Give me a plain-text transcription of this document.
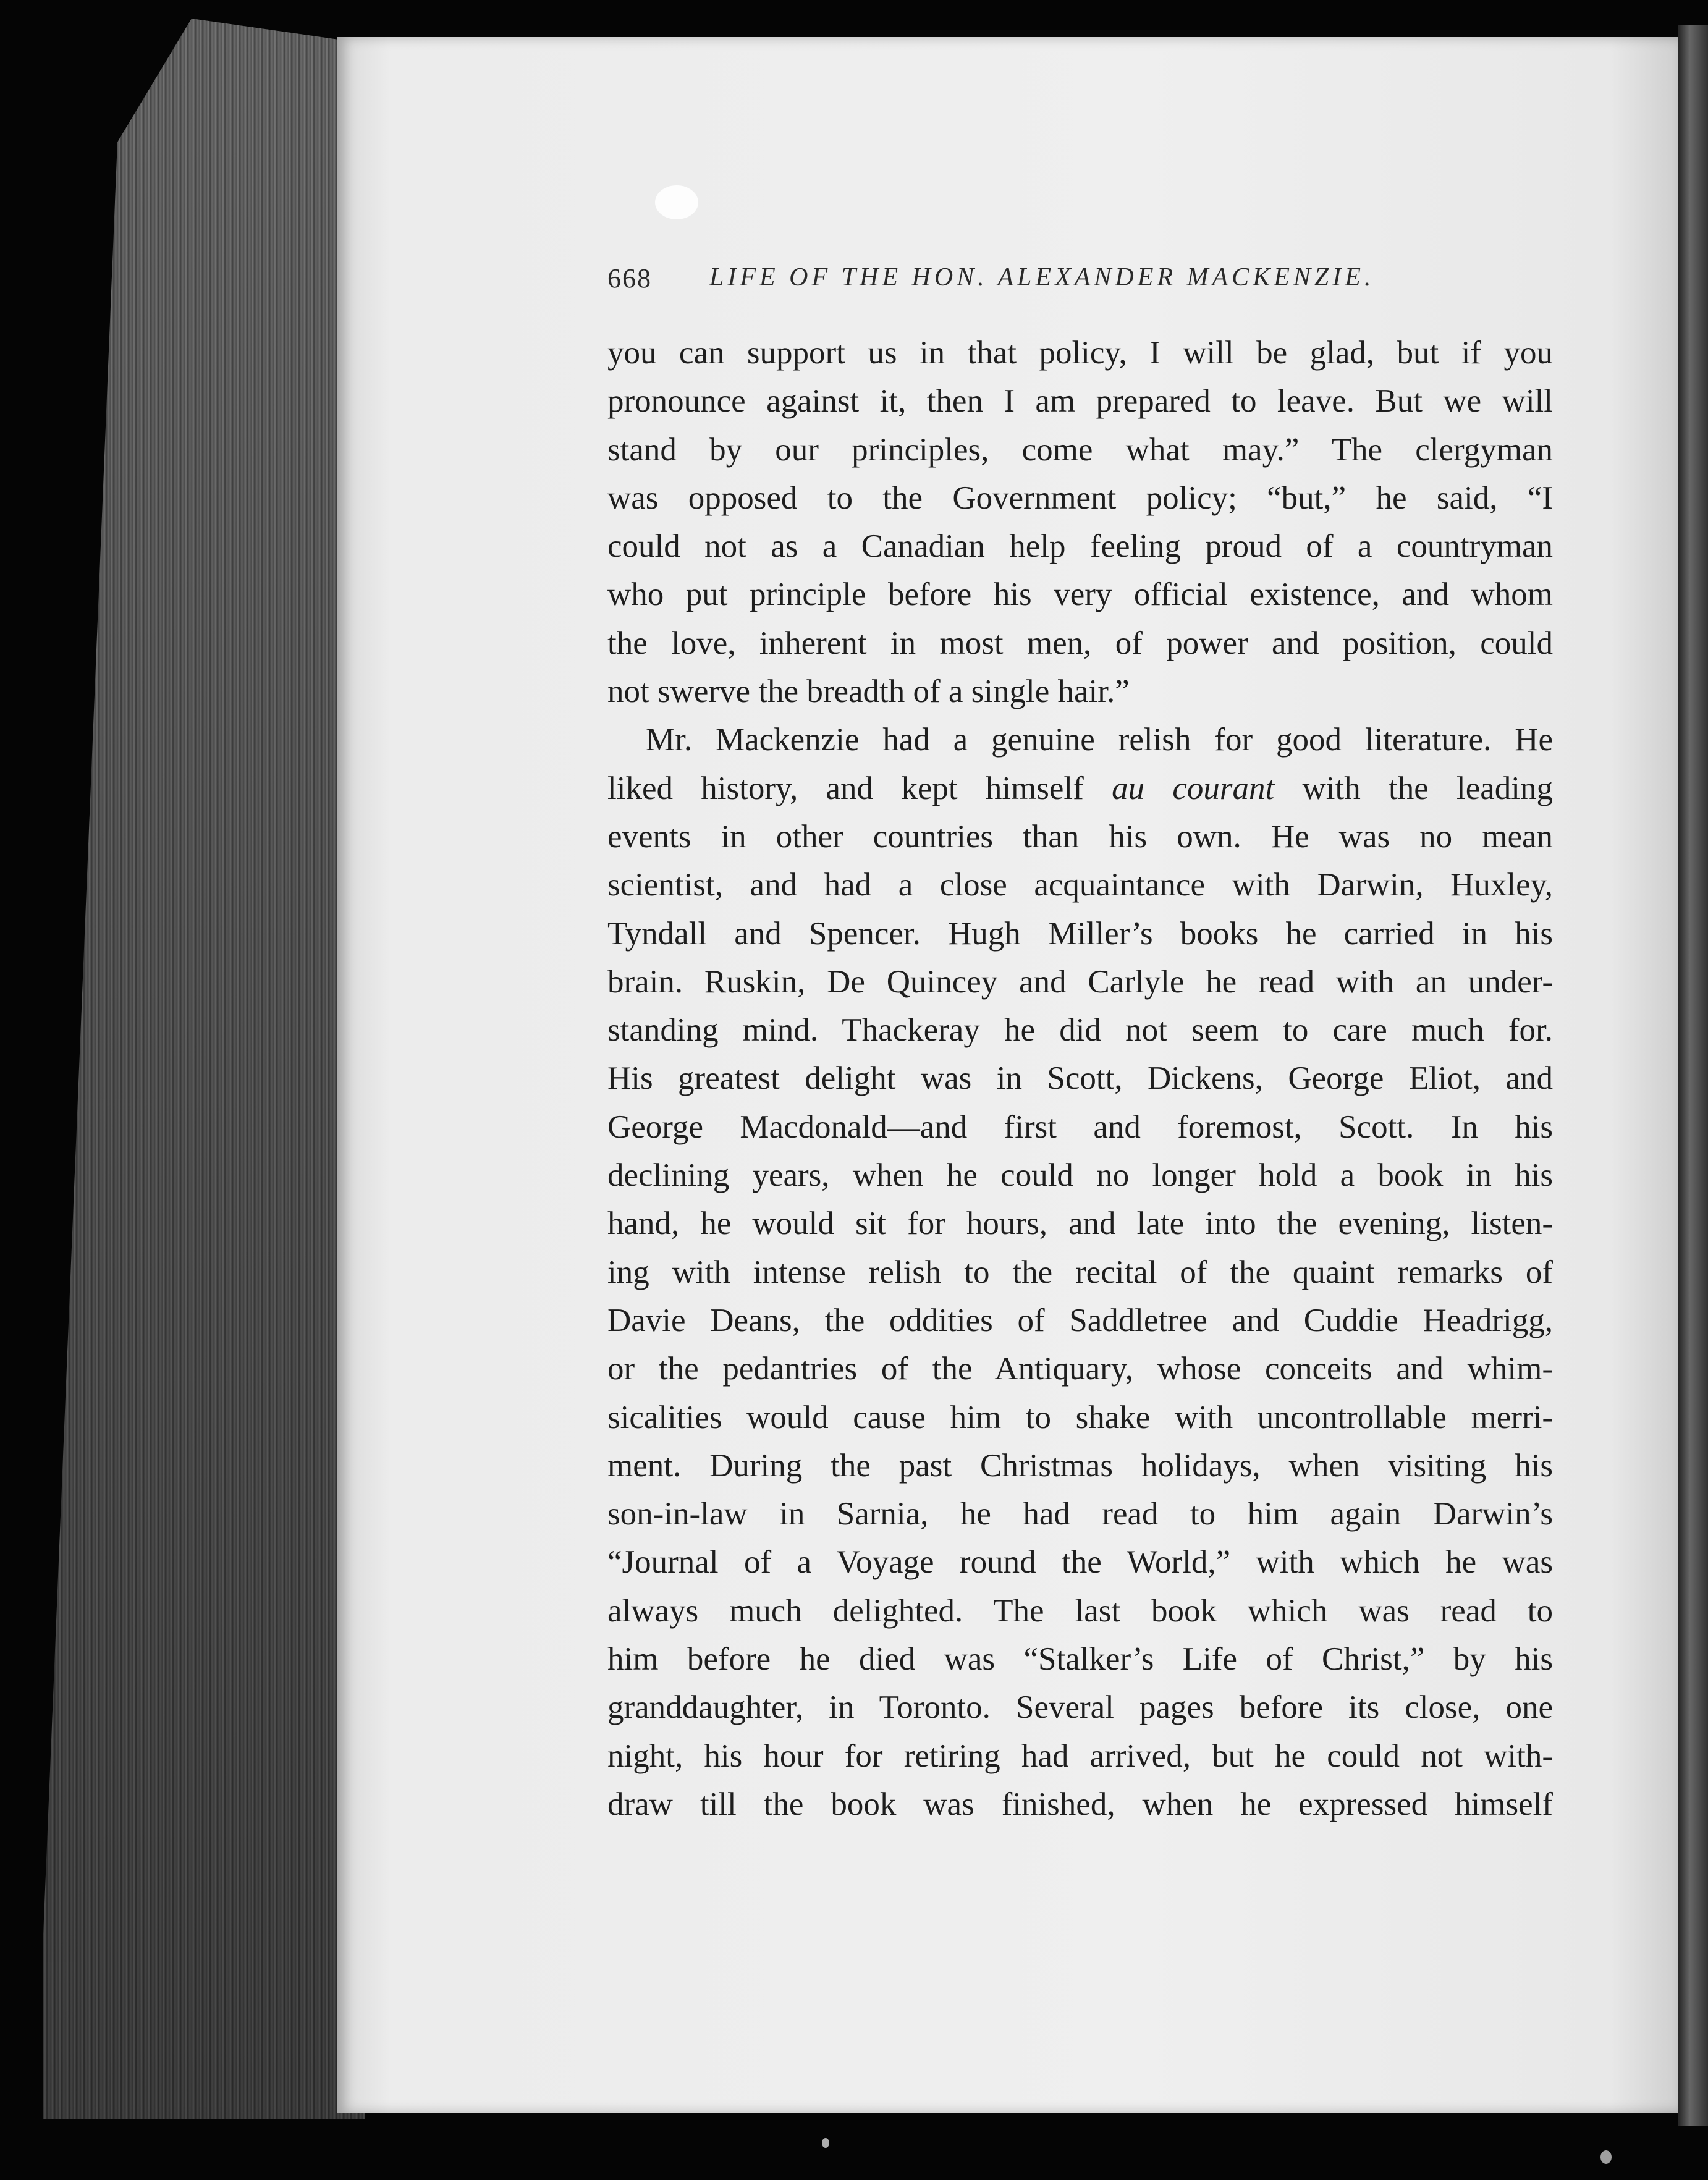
668 LIFE OF THE HON. ALEXANDER MACKENZIE.
you can support us in that policy, I will be glad, but if you
pronounce against it, then I am prepared to leave. But we will
stand by our principles, come what may.” The clergyman
was opposed to the Government policy; “but,” he said, “I
could not as a Canadian help feeling proud of a countryman
who put principle before his very official existence, and whom
the love, inherent in most men, of power and position, could
not swerve the breadth of a single hair.”
Mr. Mackenzie had a genuine relish for good literature. He
liked history, and kept himself au courant with the leading
events in other countries than his own. He was no mean
scientist, and had a close acquaintance with Darwin, Huxley,
Tyndall and Spencer. Hugh Miller’s books he carried in his
brain. Ruskin, De Quincey and Carlyle he read with an under-
standing mind. Thackeray he did not seem to care much for.
His greatest delight was in Scott, Dickens, George Eliot, and
George Macdonald—and first and foremost, Scott. In his
declining years, when he could no longer hold a book in his
hand, he would sit for hours, and late into the evening, listen-
ing with intense relish to the recital of the quaint remarks of
Davie Deans, the oddities of Saddletree and Cuddie Headrigg,
or the pedantries of the Antiquary, whose conceits and whim-
sicalities would cause him to shake with uncontrollable merri-
ment. During the past Christmas holidays, when visiting his
son-in-law in Sarnia, he had read to him again Darwin’s
“Journal of a Voyage round the World,” with which he was
always much delighted. The last book which was read to
him before he died was “Stalker’s Life of Christ,” by his
granddaughter, in Toronto. Several pages before its close, one
night, his hour for retiring had arrived, but he could not with-
draw till the book was finished, when he expressed himself
